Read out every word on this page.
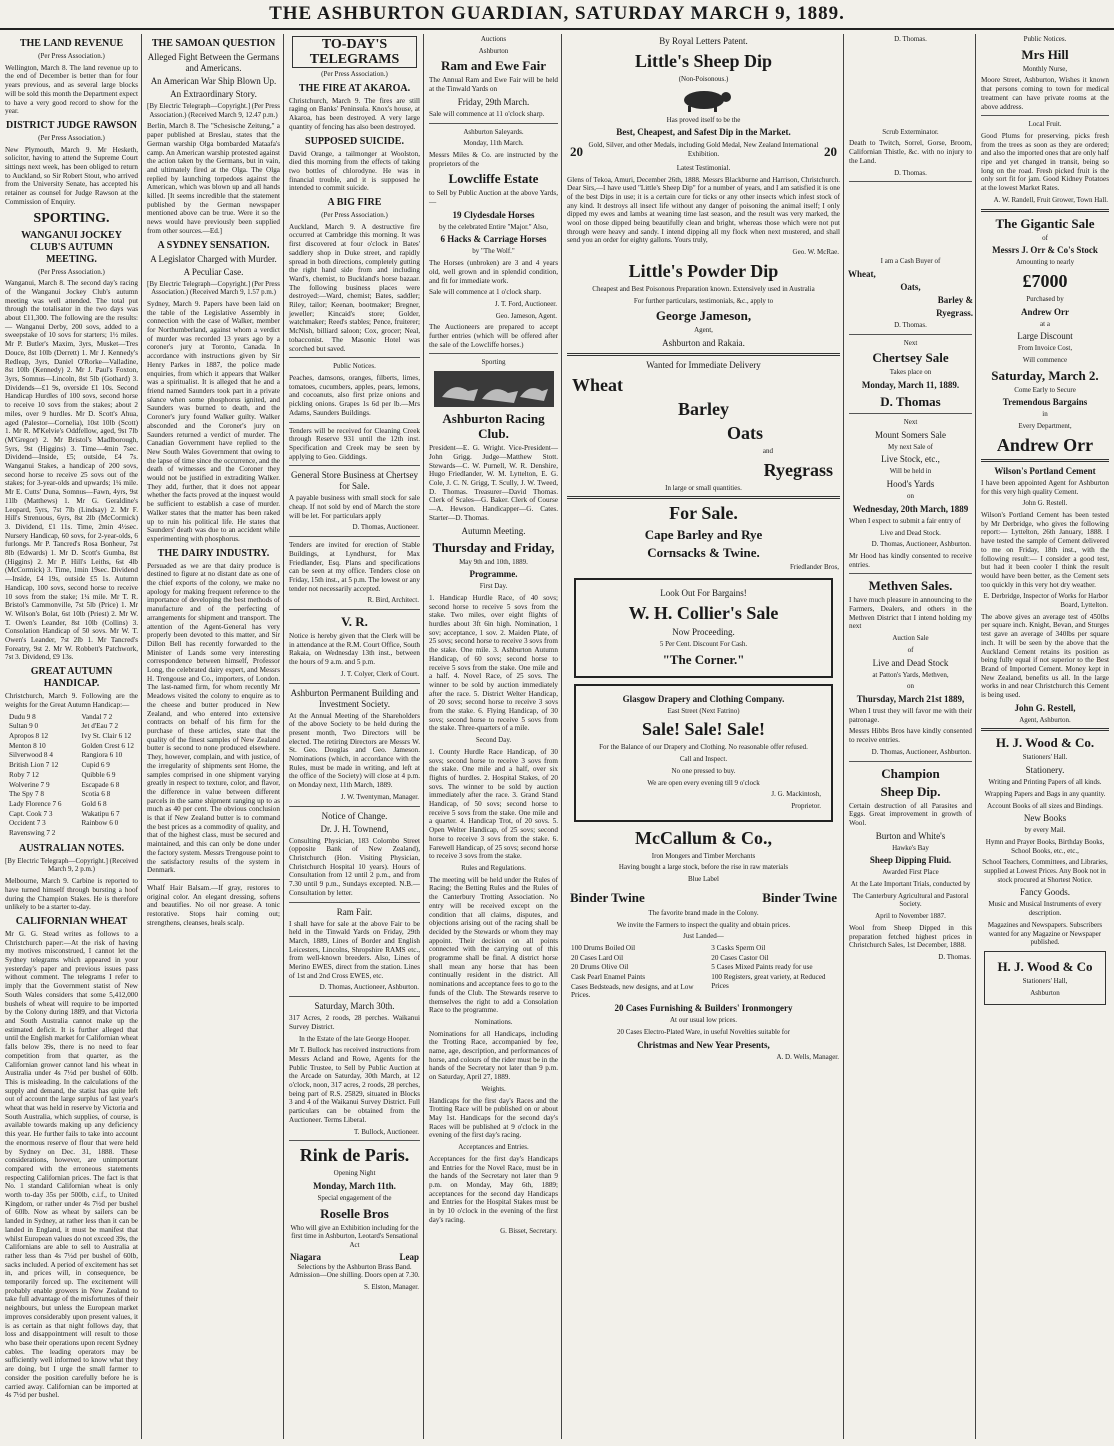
THE ASHBURTON GUARDIAN, SATURDAY MARCH 9, 1889.
THE LAND REVENUE
(Per Press Association.)

Wellington, March 8. The land revenue up to the end of December is better than for four years previous, and as several large blocks will be sold this month the Department expect to have a very good record to show for the year.

DISTRICT JUDGE RAWSON
(Per Press Association.)

New Plymouth, March 9. Mr Hesketh, solicitor, having to attend the Supreme Court sittings next week, has been obliged to return to Auckland, so Sir Robert Stout, who arrived from the University Senate, has accepted his retainer as counsel for Judge Rawson at the Commission of Enquiry.

SPORTING.
WANGANUI JOCKEY CLUB'S AUTUMN MEETING.
(Per Press Association.)

Wanganui, March 8. The second day's racing of the Wanganui Jockey Club's autumn meeting was well attended. The total put through the totalisator in the two days was about £11,300. The following are the results:— Wanganui Derby, 200 sovs, added to a sweepstake of 10 sovs for starters; 1½ miles. Mr P. Butler's Maxim, 3yrs, Musket—Tres Douce, 8st 10lb (Derrett) 1. Mr J. Kennedy's Redleap, 3yrs, Daniel O'Rorke—Valladine, 8st 10lb (Kennedy) 2. Mr J. Paul's Foxton, 3yrs, Somnus—Lincoln, 8st 5lb (Gothard) 3. Dividends—£1 9s, overside £1 10s. Second Handicap Hurdles of 100 sovs, second horse to receive 10 sovs from the stakes; about 2 miles, over 9 hurdles. Mr D. Scott's Ahua, aged (Palestor—Cornelia), 10st 10lb (Scott) 1. Mr R. M'Kelvie's Oddfellow, aged, 9st 7lb (M'Gregor) 2. Mr Bristol's Madlborough, 5yrs, 9st (Higgins) 3. Time—4min 7sec. Dividend—Inside, £5; outside, £4 7s. Wanganui Stakes, a handicap of 200 sovs, second horse to receive 25 sovs out of the stakes; for 3-year-olds and upwards; 1¼ mile. Mr E. Cutts' Duna, Somnus—Fawn, 4yrs, 9st 11lb (Matthews) 1. Mr G. Geraldine's Leopard, 5yrs, 7st 7lb (Lindsay) 2. Mr F. Hill's Strenuous, 6yrs, 8st 2lb (McCormick) 3. Dividend, £1 11s. Time, 2min 4½sec. Nursery Handicap, 60 sovs, for 2-year-olds, 6 furlongs. Mr P. Tancred's Rosa Bonheur, 7st 8lb (Edwards) 1. Mr D. Scott's Gumba, 8st (Higgins) 2. Mr P. Hill's Leiths, 6st 4lb (McCormick) 3. Time, 1min 19sec. Dividend—Inside, £4 19s, outside £5 1s. Autumn Handicap, 100 sovs, second horse to receive 10 sovs from the stake; 1¼ mile. Mr T. R. Bristol's Cammonville, 7st 5lb (Price) 1. Mr W. Wilson's Bolat, 6st 10lb (Priest) 2. Mr W. T. Owen's Leander, 8st 10lb (Collins) 3. Consolation Handicap of 50 sovs. Mr W. T. Owen's Leander, 7st 2lb 1. Mr Tancred's Foreatry, 9st 2. Mr W. Robbett's Patchwork, 7st 3. Dividend, £9 13s.

GREAT AUTUMN HANDICAP.

Christchurch, March 9. Following are the weights for the Great Autumn Handicap:—

Dudu 9 8
Sultan 9 0
Apropos 8 12
Menton 8 10
Silverwood 8 4
British Lion 7 12
Roby 7 12
Wolverine 7 9
The Spy 7 8
Lady Florence 7 6
Capt. Cook 7 3
Occident 7 3
Ravenswing 7 2
Vandal 7 2
Jet d'Eau 7 2
Ivy St. Clair 6 12
Golden Crest 6 12
Rangiora 6 10
Cupid 6 9
Quibble 6 9
Escapade 6 8
Scotia 6 8
Gold 6 8
Wakatipu 6 7
Rainbow 6 0
AUSTRALIAN NOTES.
[By Electric Telegraph—Copyright.] (Received March 9, 2 p.m.)

Melbourne, March 9. Carbine is reported to have turned himself through bursting a hoof during the Champion Stakes. He is therefore unlikely to be a starter to-day.

CALIFORNIAN WHEAT

Mr G. G. Stead writes as follows to a Christchurch paper:—At the risk of having my motives misconstrued, I cannot let the Sydney telegrams which appeared in your yesterday's paper and previous issues pass without comment. The telegrams I refer to imply that the Government statist of New South Wales considers that some 5,412,000 bushels of wheat will require to be imported by the Colony during 1889, and that Victoria and South Australia cannot make up the estimated deficit. It is further alleged that until the English market for Californian wheat falls below 39s, there is no need to fear competition from that quarter, as the Californian grower cannot land his wheat in Australia under 4s 7½d per bushel of 60lb. This is misleading. In the calculations of the supply and demand, the statist has quite left out of account the large surplus of last year's wheat that was held in reserve by Victoria and South Australia, which supplies, of course, is available towards making up any deficiency this year. He further fails to take into account the enormous reserve of flour that were held by Sydney on Dec. 31, 1888. These considerations, however, are unimportant compared with the erroneous statements respecting Californian prices. The fact is that No. 1 standard Californian wheat is only worth to-day 35s per 500lb, c.i.f., to United Kingdom, or rather under 4s 7½d per bushel of 60lb. Now as wheat by sailers can be landed in Sydney, at rather less than it can be landed in England, it must be manifest that whilst European values do not exceed 39s, the Californians are able to sell to Australia at rather less than 4s 7½d per bushel of 60lb, sacks included. A period of excitement has set in, and prices will, in consequence, be temporarily forced up. The excitement will probably enable growers in New Zealand to take full advantage of the misfortunes of their neighbours, but unless the European market improves considerably upon present values, it is as certain as that night follows day, that loss and disappointment will result to those who base their operations upon recent Sydney cables. The leading operators may be sufficiently well informed to know what they are doing, but I urge the small farmer to consider the position carefully before he is carried away. Californian can be imported at 4s 7½d per bushel.

THE SAMOAN QUESTION
Alleged Fight Between the Germans and Americans.
An American War Ship Blown Up.
An Extraordinary Story.
[By Electric Telegraph—Copyright.] (Per Press Association.) (Received March 9, 12.47 p.m.)

Berlin, March 8. The "Schesische Zeitung," a paper published at Breslau, states that the German warship Olga bombarded Mataafa's camp. An American warship protested against the action taken by the Germans, but in vain, and ultimately fired at the Olga. The Olga replied by launching torpedoes against the American, which was blown up and all hands killed. [It seems incredible that the statement published by the German newspaper mentioned above can be true. Were it so the news would have previously been supplied from other sources.—Ed.]

A SYDNEY SENSATION.
A Legislator Charged with Murder.
A Peculiar Case.
[By Electric Telegraph—Copyright.] (Per Press Association.) (Received March 9, 1.57 p.m.)

Sydney, March 9. Papers have been laid on the table of the Legislative Assembly in connection with the case of Walker, member for Northumberland, against whom a verdict of murder was recorded 13 years ago by a coroner's jury at Toronto, Canada. In accordance with instructions given by Sir Henry Parkes in 1887, the police made enquiries, from which it appears that Walker was a spiritualist. It is alleged that he and a friend named Saunders took part in a private séance when some phosphorus ignited, and Saunders was burned to death, and the Coroner's jury found Walker guilty. Walker absconded and the Coroner's jury on Saunders returned a verdict of murder. The Canadian Government have replied to the New South Wales Government that owing to the lapse of time since the occurrence, and the death of witnesses and the Coroner they would not be justified in extraditing Walker. They add, further, that it does not appear whether the facts proved at the inquest would be sufficient to establish a case of murder. Walker states that the matter has been raked up to ruin his political life. He states that Saunders' death was due to an accident while experimenting with phosphorus.

THE DAIRY INDUSTRY.

Persuaded as we are that dairy produce is destined to figure at no distant date as one of the chief exports of the colony, we make no apology for making frequent reference to the importance of developing the best methods of manufacture and of the perfecting of arrangements for shipment and transport. The attention of the Agent-General has very properly been devoted to this matter, and Sir Dillon Bell has recently forwarded to the Minister of Lands some very interesting correspondence between himself, Professor Long, the celebrated dairy expert, and Messrs H. Trengouse and Co., importers, of London. The last-named firm, for whom recently Mr Meadows visited the colony to enquire as to the cheese and butter produced in New Zealand, and who entered into extensive contracts on behalf of his firm for the purchase of these articles, state that the quality of the finest samples of New Zealand butter is second to none produced elsewhere. They, however, complain, and with justice, of the irregularity of shipments sent Home, the samples comprised in one shipment varying greatly in respect to texture, color, and flavor, the difference in value between different parcels in the same shipment ranging up to as much as 40 per cent. The obvious conclusion is that if New Zealand butter is to command the best prices as a commodity of quality, and that of the highest class, must be secured and maintained, and this can only be done under the factory system. Messrs Trengouse point to the satisfactory results of the system in Denmark.

Whalf Hair Balsam.—If gray, restores to original color. An elegant dressing, softens and beautifies. No oil nor grease. A tonic restorative. Stops hair coming out; strengthens, cleanses, heals scalp.

TO-DAY'S TELEGRAMS
(Per Press Association.)
THE FIRE AT AKAROA.

Christchurch, March 9. The fires are still raging on Banks' Peninsula. Knox's house, at Akaroa, has been destroyed. A very large quantity of fencing has also been destroyed.

SUPPOSED SUICIDE.

David Orange, a tailmonger at Woolston, died this morning from the effects of taking two bottles of chlorodyne. He was in financial trouble, and it is supposed he intended to commit suicide.

A BIG FIRE
(Per Press Association.)

Auckland, March 9. A destructive fire occurred at Cambridge this morning. It was first discovered at four o'clock in Bates' saddlery shop in Duke street, and rapidly spread in both directions, completely gutting the right hand side from and including Ward's, chemist, to Buckland's horse bazaar. The following business places were destroyed:—Ward, chemist; Bates, saddler; Riley, tailor; Keenan, bootmaker; Bregner, jeweller; Kincaid's store; Golder, watchmaker; Reed's stables; Pence, fruiterer; McNish, billiard saloon; Cox, grocer; Neal, tobacconist. The Masonic Hotel was scorched but saved.

Public Notices.

Peaches, damsons, oranges, filberts, limes, tomatoes, cucumbers, apples, pears, lemons, and cocoanuts, also first prize onions and pickling onions. Grapes 1s 6d per lb.—Mrs Adams, Saunders Buildings.

Tenders will be received for Cleaning Creek through Reserve 931 until the 12th inst. Specification and Creek may be seen by applying to Geo. Giddings.

General Store Business at Chertsey for Sale.

A payable business with small stock for sale cheap. If not sold by end of March the store will be let. For particulars apply

D. Thomas, Auctioneer.

Tenders are invited for erection of Stable Buildings, at Lyndhurst, for Max Friedlander, Esq. Plans and specifications can be seen at my office. Tenders close on Friday, 15th inst., at 5 p.m. The lowest or any tender not necessarily accepted.

R. Bird, Architect.
V. R.

Notice is hereby given that the Clerk will be in attendance at the R.M. Court Office, South Rakaia, on Wednesday 13th inst., between the hours of 9 a.m. and 5 p.m.

J. T. Colyer, Clerk of Court.
Ashburton Permanent Building and Investment Society.

At the Annual Meeting of the Shareholders of the above Society to be held during the present month, Two Directors will be elected. The retiring Directors are Messrs W. St. Geo. Douglas and Geo. Jameson. Nominations (which, in accordance with the Rules, must be made in writing, and left at the office of the Society) will close at 4 p.m. on Monday next, 11th March, 1889.

J. W. Twentyman, Manager.
Notice of Change.
Dr. J. H. Townend,

Consulting Physician, 183 Colombo Street (opposite Bank of New Zealand), Christchurch (Hon. Visiting Physician, Christchurch Hospital 10 years). Hours of Consultation from 12 until 2 p.m., and from 7.30 until 9 p.m., Sundays excepted. N.B.—Consultation by letter.

Ram Fair.

I shall have for sale at the above Fair to be held in the Tinwald Yards on Friday, 29th March, 1889, Lines of Border and English Leicesters, Lincolns, Shropshire RAMS etc., from well-known breeders. Also, Lines of Merino EWES, direct from the station. Lines of 1st and 2nd Cross EWES, etc.

D. Thomas, Auctioneer, Ashburton.
Saturday, March 30th.

317 Acres, 2 roods, 28 perches. Waikanui Survey District.

In the Estate of the late George Hooper.

Mr T. Bullock has received instructions from Messrs Acland and Rowe, Agents for the Public Trustee, to Sell by Public Auction at the Arcade on Saturday, 30th March, at 12 o'clock, noon, 317 acres, 2 roods, 28 perches, being part of R.S. 25829, situated in Blocks 3 and 4 of the Waikanui Survey District. Full particulars can be obtained from the Auctioneer. Terms Liberal.

T. Bullock, Auctioneer.
Rink de Paris.
Opening Night
Monday, March 11th.
Special engagement of the
Roselle Bros
Who will give an Exhibition including for the first time in Ashburton, Leotard's Sensational Act
Niagara	Leap
Selections by the Ashburton Brass Band. Admission—One shilling. Doors open at 7.30.
S. Elston, Manager.
Auctions
Ashburton
Ram and Ewe Fair

The Annual Ram and Ewe Fair will be held at the Tinwald Yards on

Friday, 29th March.

Sale will commence at 11 o'clock sharp.

Ashburton Saleyards.
Monday, 11th March.

Messrs Miles & Co. are instructed by the proprietors of the

Lowcliffe Estate

to Sell by Public Auction at the above Yards,—

19 Clydesdale Horses
by the celebrated Entire "Major." Also,
6 Hacks & Carriage Horses
by "The Wolf."

The Horses (unbroken) are 3 and 4 years old, well grown and in splendid condition, and fit for immediate work.

Sale will commence at 1 o'clock sharp.

J. T. Ford, Auctioneer.
Geo. Jameson, Agent.

The Auctioneers are prepared to accept further entries (which will be offered after the sale of the Lowcliffe horses.)

Sporting
Ashburton Racing Club.

President—E. G. Wright. Vice-President—John Grigg. Judge—Matthew Stott. Stewards—C. W. Purnell, W. R. Denshire, Hugo Friedlander, W. M. Lyttelton, E. G. Cole, J. C. N. Grigg, T. Scully, J. W. Tweed, D. Thomas. Treasurer—David Thomas. Clerk of Scales—G. Baker. Clerk of Course—A. Hewson. Handicapper—G. Cates. Starter—D. Thomas.

Autumn Meeting.
Thursday and Friday,
May 9th and 10th, 1889.
Programme.
First Day.

1. Handicap Hurdle Race, of 40 sovs; second horse to receive 5 sovs from the stake. Two miles, over eight flights of hurdles about 3ft 6in high. Nomination, 1 sov; acceptance, 1 sov. 2. Maiden Plate, of 25 sovs; second horse to receive 3 sovs from the stake. One mile. 3. Ashburton Autumn Handicap, of 60 sovs; second horse to receive 5 sovs from the stake. One mile and a half. 4. Novel Race, of 25 sovs. The winner to be sold by auction immediately after the race. 5. District Welter Handicap, of 20 sovs; second horse to receive 3 sovs from the stake. 6. Flying Handicap, of 30 sovs; second horse to receive 5 sovs from the stake. Three-quarters of a mile.

Second Day.

1. County Hurdle Race Handicap, of 30 sovs; second horse to receive 3 sovs from the stake. One mile and a half, over six flights of hurdles. 2. Hospital Stakes, of 20 sovs. The winner to be sold by auction immediately after the race. 3. Grand Stand Handicap, of 50 sovs; second horse to receive 5 sovs from the stake. One mile and a quarter. 4. Handicap Trot, of 20 sovs. 5. Open Welter Handicap, of 25 sovs; second horse to receive 3 sovs from the stake. 6. Farewell Handicap, of 25 sovs; second horse to receive 3 sovs from the stake.

Rules and Regulations.

The meeting will be held under the Rules of Racing; the Betting Rules and the Rules of the Canterbury Trotting Association. No entry will be received except on the condition that all claims, disputes, and objections arising out of the racing shall be decided by the Stewards or whom they may appoint. Their decision on all points connected with the carrying out of this programme shall be final. A district horse shall mean any horse that has been continually resident in the district. All nominations and acceptance fees to go to the funds of the Club. The Stewards reserve to themselves the right to add a Consolation Race to the programme.

Nominations.

Nominations for all Handicaps, including the Trotting Race, accompanied by fee, name, age, description, and performances of horse, and colours of the rider must be in the hands of the Secretary not later than 9 p.m. on Saturday, April 27, 1889.

Weights.

Handicaps for the first day's Races and the Trotting Race will be published on or about May 1st. Handicaps for the second day's Races will be published at 9 o'clock in the evening of the first day's racing.

Acceptances and Entries.

Acceptances for the first day's Handicaps and Entries for the Novel Race, must be in the hands of the Secretary not later than 9 p.m. on Monday, May 6th, 1889; acceptances for the second day Handicaps and Entries for the Hospital Stakes must be in by 10 o'clock in the evening of the first day's racing.

G. Bisset, Secretary.
By Royal Letters Patent.
Little's Sheep Dip
(Non-Poisonous.)
Has proved itself to be the
Best, Cheapest, and Safest Dip in the Market.
20 Gold, Silver, and other Medals, including Gold Medal, New Zealand International Exhibition.	20
Latest Testimonial.

Glens of Tekoa, Amuri, December 26th, 1888. Messrs Blackburne and Harrison, Christchurch. Dear Sirs,—I have used "Little's Sheep Dip" for a number of years, and I am satisfied it is one of the best Dips in use; it is a certain cure for ticks or any other insects which infest stock of any kind. It destroys all insect life without any danger of poisoning the animal itself; I only dipped my ewes and lambs at weaning time last season, and the result was very marked, the wool on those dipped being beautifully clean and bright, whereas those which were not put through were heavy and sandy. I intend dipping all my flock when next mustered, and shall send you an order for eighty gallons. Yours truly,

Geo. W. McRae.
Little's Powder Dip
Cheapest and Best Poisonous Preparation known. Extensively used in Australia
For further particulars, testimonials, &c., apply to
George Jameson,
Agent,
Ashburton and Rakaia.
Wanted for Immediate Delivery
Wheat
Barley
Oats
and
Ryegrass
In large or small quantities.
For Sale.
Cape Barley and Rye
Cornsacks & Twine.
Friedlander Bros,
Look Out For Bargains!
W. H. Collier's Sale
Now Proceeding.
5 Per Cent. Discount For Cash.
"The Corner."
Glasgow Drapery and Clothing Company.
East Street (Next Fatrino)
Sale! Sale! Sale!
For the Balance of our Drapery and Clothing. No reasonable offer refused.
Call and Inspect.
No one pressed to buy.
We are open every evening till 9 o'clock
J. G. Mackintosh,
Proprietor.
McCallum & Co.,
Iron Mongers and Timber Merchants
Having bought a large stock, before the rise in raw materials
Blue Label
Binder Twine	Binder Twine
The favorite brand made in the Colony.
We invite the Farmers to inspect the quality and obtain prices.
Just Landed—
100 Drums Boiled Oil
20 Cases Lard Oil
20 Drums Olive Oil
Cask Pearl Enamel Paints
Cases Bedsteads, new designs, and at Low Prices.
3 Casks Sperm Oil
20 Cases Castor Oil
5 Cases Mixed Paints ready for use
100 Registers, great variety, at Reduced Prices
20 Cases Furnishing & Builders' Ironmongery
At our usual low prices.
20 Cases Electro-Plated Ware, in useful Novelties suitable for
Christmas and New Year Presents,
A. D. Wells, Manager.
D. Thomas.
Scrub Exterminator.

Death to Twitch, Sorrel, Gorse, Broom, Californian Thistle, &c. with no injury to the Land.

D. Thomas.
I am a Cash Buyer of
Wheat,
Oats,
Barley &
Ryegrass.
D. Thomas.
Next
Chertsey Sale
Takes place on
Monday, March 11, 1889.
D. Thomas
Next
Mount Somers Sale
My next Sale of
Live Stock, etc.,
Will be held in
Hood's Yards
on
Wednesday, 20th March, 1889

When I expect to submit a fair entry of

Live and Dead Stock.
D. Thomas, Auctioneer, Ashburton.

Mr Hood has kindly consented to receive entries.

Methven Sales.

I have much pleasure in announcing to the Farmers, Dealers, and others in the Methven District that I intend holding my next

Auction Sale
of
Live and Dead Stock
at Patton's Yards, Methven,
on
Thursday, March 21st 1889,

When I trust they will favor me with their patronage.

Messrs Hibbs Bros have kindly consented to receive entries.

D. Thomas, Auctioneer, Ashburton.
Champion
Sheep Dip.

Certain destruction of all Parasites and Eggs. Great improvement in growth of Wool.

Burton and White's
Hawke's Bay
Sheep Dipping Fluid.
Awarded First Place
At the Late Important Trials, conducted by
The Canterbury Agricultural and Pastoral Society.
April to November 1887.

Wool from Sheep Dipped in this preparation fetched highest prices in Christchurch Sales, 1st December, 1888.

D. Thomas.
Public Notices.
Mrs Hill
Monthly Nurse,

Moore Street, Ashburton, Wishes it known that persons coming to town for medical treatment can have private rooms at the above address.

Local Fruit.

Good Plums for preserving, picks fresh from the trees as soon as they are ordered; and also the imported ones that are only half ripe and yet changed in transit, being so long on the road. Fresh picked fruit is the only sort fit for jam. Good Kidney Potatoes at the lowest Market Rates.

A. W. Randell, Fruit Grower, Town Hall.
The Gigantic Sale
of
Messrs J. Orr & Co's Stock
Amounting to nearly
£7000
Purchased by
Andrew Orr
at a
Large Discount
From Invoice Cost,
Will commence
Saturday, March 2.
Come Early to Secure
Tremendous Bargains
in
Every Department,
Andrew Orr
Wilson's Portland Cement

I have been appointed Agent for Ashburton for this very high quality Cement.

John G. Restell.

Wilson's Portland Cement has been tested by Mr Derbridge, who gives the following report:— Lyttelton, 26th January, 1888. I have tested the sample of Cement delivered to me on Friday, 18th inst., with the following result:— I consider a good test, but had it been cooler I think the result would have been better, as the Cement sets too quickly in this very hot dry weather.

E. Derbridge, Inspector of Works for Harbor Board, Lyttelton.

The above gives an average test of 450lbs per square inch. Knight, Bevan, and Sturges test gave an average of 340lbs per square inch. It will be seen by the above that the Auckland Cement retains its position as being fully equal if not superior to the Best Brand of Imported Cement. Money kept in New Zealand, benefits us all. In the large works in and near Christchurch this Cement is being used.

John G. Restell,
Agent, Ashburton.
H. J. Wood & Co.
Stationers' Hall.
Stationery.
Writing and Printing Papers of all kinds.
Wrapping Papers and Bags in any quantity.
Account Books of all sizes and Bindings.
New Books
by every Mail.
Hymn and Prayer Books, Birthday Books, School Books, etc., etc.,
School Teachers, Committees, and Libraries, supplied at Lowest Prices. Any Book not in stock procured at Shortest Notice.
Fancy Goods.
Music and Musical Instruments of every description.
Magazines and Newspapers. Subscribers wanted for any Magazine or Newspaper published.
H. J. Wood & Co
Stationers' Hall,
Ashburton
